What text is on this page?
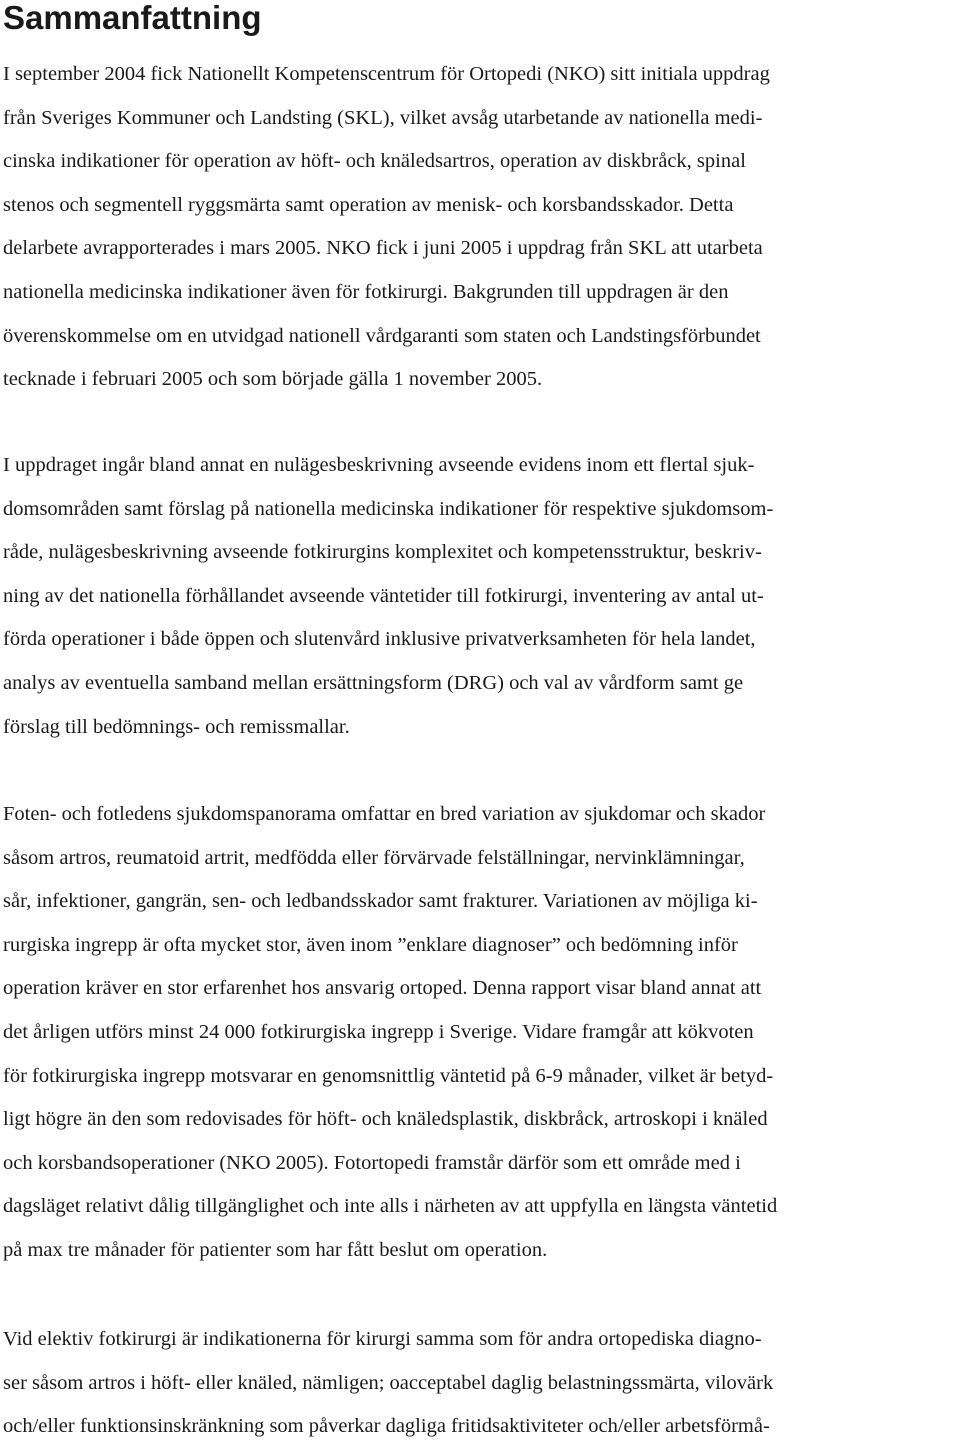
Sammanfattning
I september 2004 fick Nationellt Kompetenscentrum för Ortopedi (NKO) sitt initiala uppdrag
från Sveriges Kommuner och Landsting (SKL), vilket avsåg utarbetande av nationella medi-
cinska indikationer för operation av höft- och knäledsartros, operation av diskbråck, spinal
stenos och segmentell ryggsmärta samt operation av menisk- och korsbandsskador. Detta
delarbete avrapporterades i mars 2005. NKO fick i juni 2005 i uppdrag från SKL att utarbeta
nationella medicinska indikationer även för fotkirurgi. Bakgrunden till uppdragen är den
överenskommelse om en utvidgad nationell vårdgaranti som staten och Landstingsförbundet
tecknade i februari 2005 och som började gälla 1 november 2005.
I uppdraget ingår bland annat en nulägesbeskrivning avseende evidens inom ett flertal sjuk-
domsområden samt förslag på nationella medicinska indikationer för respektive sjukdomsom-
råde, nulägesbeskrivning avseende fotkirurgins komplexitet och kompetensstruktur, beskriv-
ning av det nationella förhållandet avseende väntetider till fotkirurgi, inventering av antal ut-
förda operationer i både öppen och slutenvård inklusive privatverksamheten för hela landet,
analys av eventuella samband mellan ersättningsform (DRG) och val av vårdform samt ge
förslag till bedömnings- och remissmallar.
Foten- och fotledens sjukdomspanorama omfattar en bred variation av sjukdomar och skador
såsom artros, reumatoid artrit, medfödda eller förvärvade felställningar, nervinklämningar,
sår, infektioner, gangrän, sen- och ledbandsskador samt frakturer. Variationen av möjliga ki-
rurgiska ingrepp är ofta mycket stor, även inom ”enklare diagnoser” och bedömning inför
operation kräver en stor erfarenhet hos ansvarig ortoped. Denna rapport visar bland annat att
det årligen utförs minst 24 000 fotkirurgiska ingrepp i Sverige. Vidare framgår att kökvoten
för fotkirurgiska ingrepp motsvarar en genomsnittlig väntetid på 6-9 månader, vilket är betyd-
ligt högre än den som redovisades för höft- och knäledsplastik, diskbråck, artroskopi i knäled
och korsbandsoperationer (NKO 2005). Fotortopedi framstår därför som ett område med i
dagsläget relativt dålig tillgänglighet och inte alls i närheten av att uppfylla en längsta väntetid
på max tre månader för patienter som har fått beslut om operation.
Vid elektiv fotkirurgi är indikationerna för kirurgi samma som för andra ortopediska diagno-
ser såsom artros i höft- eller knäled, nämligen; oacceptabel daglig belastningssmärta, vilovärk
och/eller funktionsinskränkning som påverkar dagliga fritidsaktiviteter och/eller arbetsförmå-
